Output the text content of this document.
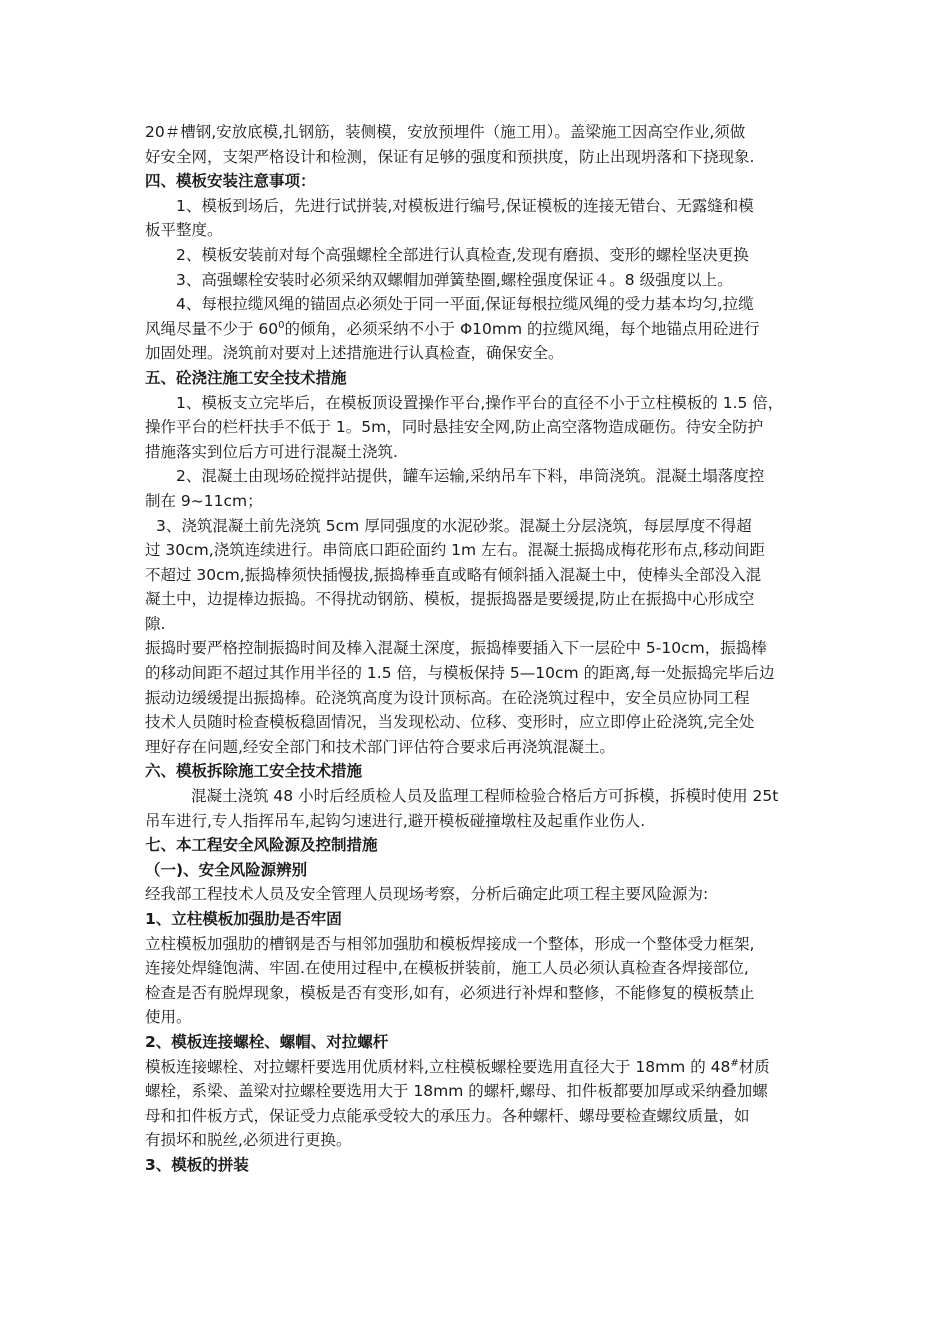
20＃槽钢,安放底模,扎钢筋，装侧模，安放预埋件（施工用）。盖梁施工因高空作业,须做
好安全网，支架严格设计和检测，保证有足够的强度和预拱度，防止出现坍落和下挠现象.
四、模板安装注意事项：
1、模板到场后，先进行试拼装,对模板进行编号,保证模板的连接无错台、无露缝和模
板平整度。
2、模板安装前对每个高强螺栓全部进行认真检查,发现有磨损、变形的螺栓坚决更换
3、高强螺栓安装时必须采纳双螺帽加弹簧垫圈,螺栓强度保证４。8 级强度以上。
4、每根拉缆风绳的锚固点必须处于同一平面,保证每根拉缆风绳的受力基本均匀,拉缆
风绳尽量不少于 $60^0$的倾角，必须采纳不小于 Φ10mm 的拉缆风绳，每个地锚点用砼进行
加固处理。浇筑前对要对上述措施进行认真检查，确保安全。
五、砼浇注施工安全技术措施
1、模板支立完毕后，在模板顶设置操作平台,操作平台的直径不小于立柱模板的 1.5 倍，
操作平台的栏杆扶手不低于 1。5m，同时悬挂安全网,防止高空落物造成砸伤。待安全防护
措施落实到位后方可进行混凝土浇筑.
2、混凝土由现场砼搅拌站提供，罐车运输,采纳吊车下料，串筒浇筑。混凝土塌落度控
制在 9~11cm；
3、浇筑混凝土前先浇筑 5cm 厚同强度的水泥砂浆。混凝土分层浇筑，每层厚度不得超
过 30cm,浇筑连续进行。串筒底口距砼面约 1m 左右。混凝土振捣成梅花形布点,移动间距
不超过 30cm,振捣棒须快插慢拔,振捣棒垂直或略有倾斜插入混凝土中，使棒头全部没入混
凝土中，边提棒边振捣。不得扰动钢筋、模板，提振捣器是要缓提,防止在振捣中心形成空
隙.
振捣时要严格控制振捣时间及棒入混凝土深度，振捣棒要插入下一层砼中 5-10cm，振捣棒
的移动间距不超过其作用半径的 1.5 倍，与模板保持 5—10cm 的距离,每一处振捣完毕后边
振动边缓缓提出振捣棒。砼浇筑高度为设计顶标高。在砼浇筑过程中，安全员应协同工程
技术人员随时检查模板稳固情况，当发现松动、位移、变形时，应立即停止砼浇筑,完全处
理好存在问题,经安全部门和技术部门评估符合要求后再浇筑混凝土。
六、模板拆除施工安全技术措施
混凝土浇筑 48 小时后经质检人员及监理工程师检验合格后方可拆模，拆模时使用 25t
吊车进行,专人指挥吊车,起钩匀速进行,避开模板碰撞墩柱及起重作业伤人.
七、本工程安全风险源及控制措施
（一)、安全风险源辨别
经我部工程技术人员及安全管理人员现场考察，分析后确定此项工程主要风险源为:
1、立柱模板加强肋是否牢固
立柱模板加强肋的槽钢是否与相邻加强肋和模板焊接成一个整体，形成一个整体受力框架,
连接处焊缝饱满、牢固.在使用过程中,在模板拼装前，施工人员必须认真检查各焊接部位,
检查是否有脱焊现象，模板是否有变形,如有，必须进行补焊和整修，不能修复的模板禁止
使用。
2、模板连接螺栓、螺帽、对拉螺杆
模板连接螺栓、对拉螺杆要选用优质材料,立柱模板螺栓要选用直径大于 18mm 的 48#材质
螺栓，系梁、盖梁对拉螺栓要选用大于 18mm 的螺杆,螺母、扣件板都要加厚或采纳叠加螺
母和扣件板方式，保证受力点能承受较大的承压力。各种螺杆、螺母要检查螺纹质量，如
有损坏和脱丝,必须进行更换。
3、模板的拼装
